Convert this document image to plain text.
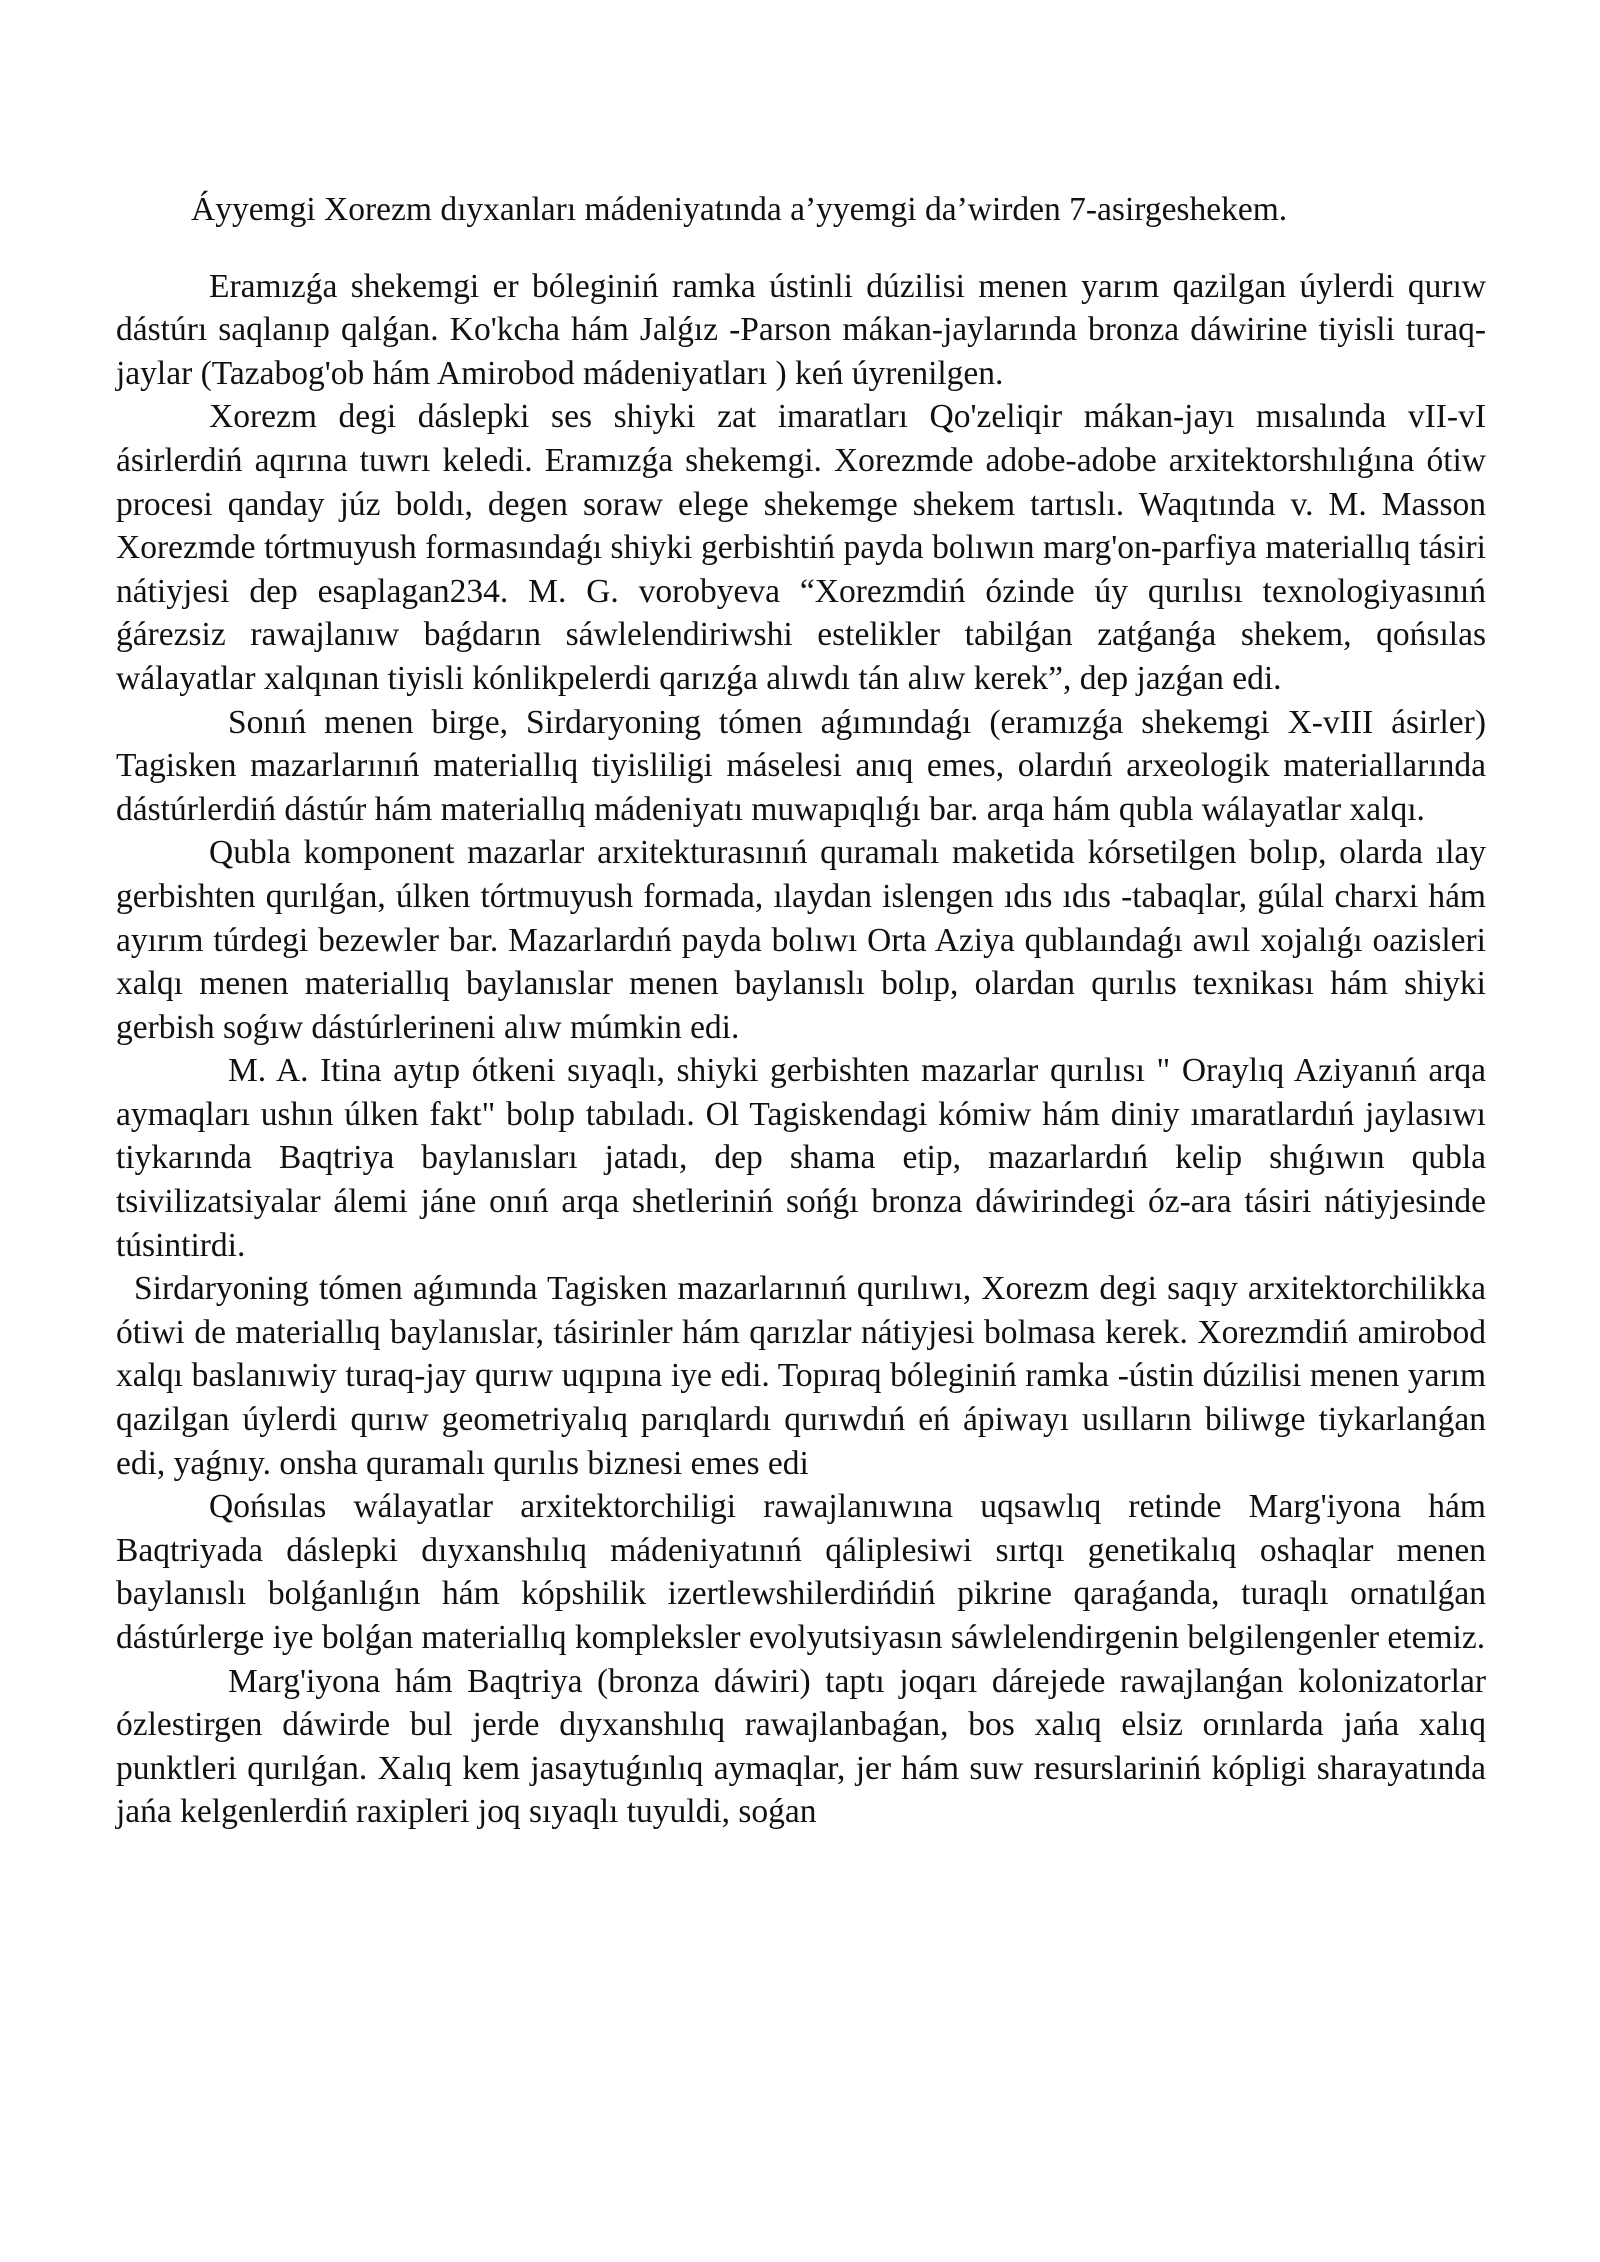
Áyyemgi Xorezm dıyxanları mádeniyatında a’yyemgi da’wirden 7-asirgeshekem.

Eramızǵa shekemgi er bóleginiń ramka ústinli dúzilisi menen yarım qazilgan úylerdi qurıw dástúrı saqlanıp qalǵan. Ko'kcha hám Jalǵız -Parson mákan-jaylarında bronza dáwirine tiyisli turaq-jaylar (Tazabog'ob hám Amirobod mádeniyatları ) keń úyrenilgen.

Xorezm degi dáslepki ses shiyki zat imaratları Qo'zeliqir mákan-jayı mısalında vII-vI ásirlerdiń aqırına tuwrı keledi. Eramızǵa shekemgi. Xorezmde adobe-adobe arxitektorshılıǵına ótiw procesi qanday júz boldı, degen soraw elege shekemge shekem tartıslı. Waqıtında v. M. Masson Xorezmde tórtmuyush formasındaǵı shiyki gerbishtiń payda bolıwın marg'on-parfiya materiallıq tásiri nátiyjesi dep esaplagan234. M. G. vorobyeva “Xorezmdiń ózinde úy qurılısı texnologiyasınıń ǵárezsiz rawajlanıw baǵdarın sáwlelendiriwshi estelikler tabilǵan zatǵanǵa shekem, qońsılas wálayatlar xalqınan tiyisli kónlikpelerdi qarızǵa alıwdı tán alıw kerek”, dep jazǵan edi.

Sonıń menen birge, Sirdaryoning tómen aǵımındaǵı (eramızǵa shekemgi X-vIII ásirler) Tagisken mazarlarınıń materiallıq tiyisliligi máselesi anıq emes, olardıń arxeologik materiallarında dástúrlerdiń dástúr hám materiallıq mádeniyatı muwapıqlıǵı bar. arqa hám qubla wálayatlar xalqı.

Qubla komponent mazarlar arxitekturasınıń quramalı maketida kórsetilgen bolıp, olarda ılay gerbishten qurılǵan, úlken tórtmuyush formada, ılaydan islengen ıdıs ıdıs -tabaqlar, gúlal charxi hám ayırım túrdegi bezewler bar. Mazarlardıń payda bolıwı Orta Aziya qublaındaǵı awıl xojalıǵı oazisleri xalqı menen materiallıq baylanıslar menen baylanıslı bolıp, olardan qurılıs texnikası hám shiyki gerbish soǵıw dástúrlerineni alıw múmkin edi.

M. A. Itina aytıp ótkeni sıyaqlı, shiyki gerbishten mazarlar qurılısı " Oraylıq Aziyanıń arqa aymaqları ushın úlken fakt" bolıp tabıladı. Ol Tagiskendagi kómiw hám diniy ımaratlardıń jaylasıwı tiykarında Baqtriya baylanısları jatadı, dep shama etip, mazarlardıń kelip shıǵıwın qubla tsivilizatsiyalar álemi jáne onıń arqa shetleriniń sońǵı bronza dáwirindegi óz-ara tásiri nátiyjesinde túsintirdi.

Sirdaryoning tómen aǵımında Tagisken mazarlarınıń qurılıwı, Xorezm degi saqıy arxitektorchilikka ótiwi de materiallıq baylanıslar, tásirinler hám qarızlar nátiyjesi bolmasa kerek. Xorezmdiń amirobod xalqı baslanıwiy turaq-jay qurıw uqıpına iye edi. Topıraq bóleginiń ramka -ústin dúzilisi menen yarım qazilgan úylerdi qurıw geometriyalıq parıqlardı qurıwdıń eń ápiwayı usılların biliwge tiykarlanǵan edi, yaǵnıy. onsha quramalı qurılıs biznesi emes edi

Qońsılas wálayatlar arxitektorchiligi rawajlanıwına uqsawlıq retinde Marg'iyona hám Baqtriyada dáslepki dıyxanshılıq mádeniyatınıń qáliplesiwi sırtqı genetikalıq oshaqlar menen baylanıslı bolǵanlıǵın hám kópshilik izertlewshilerdińdiń pikrine qaraǵanda, turaqlı ornatılǵan dástúrlerge iye bolǵan materiallıq kompleksler evolyutsiyasın sáwlelendirgenin belgilengenler etemiz.

Marg'iyona hám Baqtriya (bronza dáwiri) taptı joqarı dárejede rawajlanǵan kolonizatorlar ózlestirgen dáwirde bul jerde dıyxanshılıq rawajlanbaǵan, bos xalıq elsiz orınlarda jańa xalıq punktleri qurılǵan. Xalıq kem jasaytuǵınlıq aymaqlar, jer hám suw resurslariniń kópligi sharayatında jańa kelgenlerdiń raxipleri joq sıyaqlı tuyuldi, soǵan
